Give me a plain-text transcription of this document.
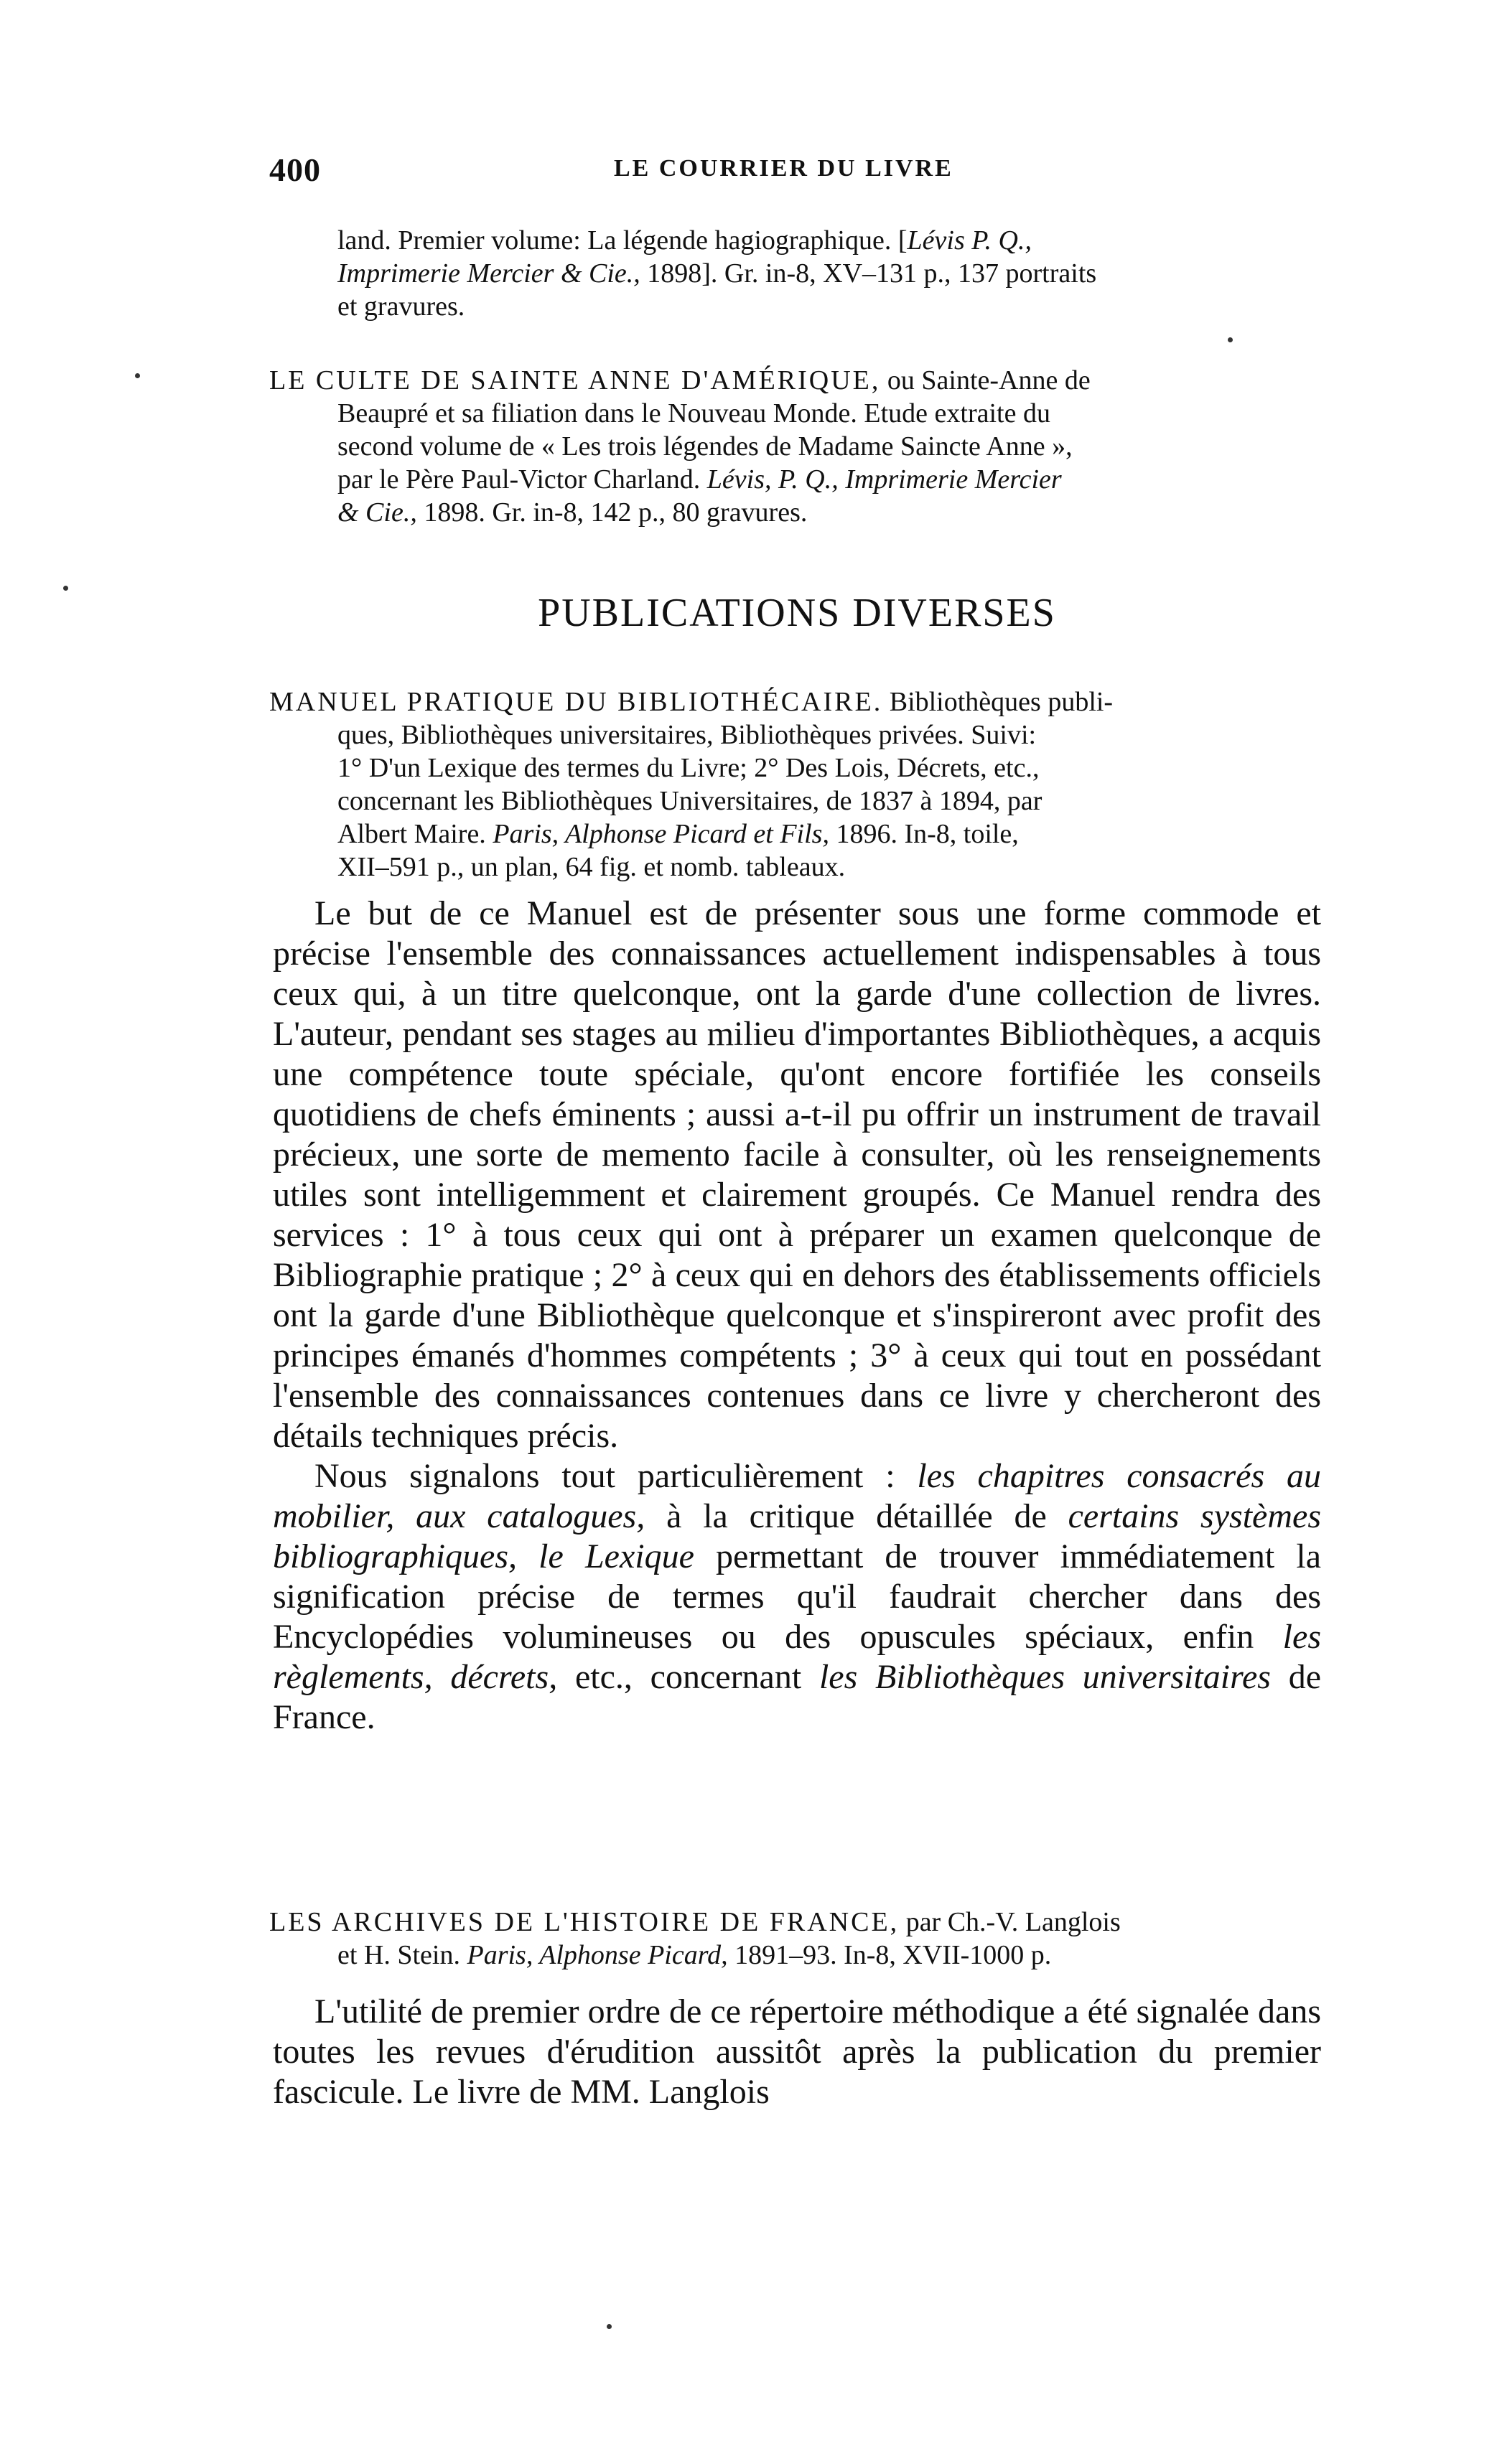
400	LE COURRIER DU LIVRE
land. Premier volume: La légende hagiographique. [Lévis P. Q.,
Imprimerie Mercier & Cie., 1898]. Gr. in-8, XV–131 p., 137 portraits
et gravures.
LE CULTE DE SAINTE ANNE D'AMÉRIQUE, ou Sainte-Anne de
Beaupré et sa filiation dans le Nouveau Monde. Etude extraite du
second volume de « Les trois légendes de Madame Saincte Anne »,
par le Père Paul-Victor Charland. Lévis, P. Q., Imprimerie Mercier
& Cie., 1898. Gr. in-8, 142 p., 80 gravures.
PUBLICATIONS DIVERSES
MANUEL PRATIQUE DU BIBLIOTHÉCAIRE. Bibliothèques publi-
ques, Bibliothèques universitaires, Bibliothèques privées. Suivi:
1° D'un Lexique des termes du Livre; 2° Des Lois, Décrets, etc.,
concernant les Bibliothèques Universitaires, de 1837 à 1894, par
Albert Maire. Paris, Alphonse Picard et Fils, 1896. In-8, toile,
XII–591 p., un plan, 64 fig. et nomb. tableaux.

Le but de ce Manuel est de présenter sous une forme commode et précise l'ensemble des connaissances actuellement indispensables à tous ceux qui, à un titre quelconque, ont la garde d'une collection de livres. L'auteur, pendant ses stages au milieu d'importantes Bibliothèques, a acquis une compétence toute spéciale, qu'ont encore fortifiée les conseils quotidiens de chefs éminents ; aussi a-t-il pu offrir un instrument de travail précieux, une sorte de memento facile à consulter, où les renseignements utiles sont intelligemment et clairement groupés. Ce Manuel rendra des services : 1° à tous ceux qui ont à préparer un examen quelconque de Bibliographie pratique ; 2° à ceux qui en dehors des établissements officiels ont la garde d'une Bibliothèque quelconque et s'inspireront avec profit des principes émanés d'hommes compétents ; 3° à ceux qui tout en possédant l'ensemble des connaissances contenues dans ce livre y chercheront des détails techniques précis.

Nous signalons tout particulièrement : les chapitres consacrés au mobilier, aux catalogues, à la critique détaillée de certains systèmes bibliographiques, le Lexique permettant de trouver immédiatement la signification précise de termes qu'il faudrait chercher dans des Encyclopédies volumineuses ou des opuscules spéciaux, enfin les règlements, décrets, etc., concernant les Bibliothèques universitaires de France.

LES ARCHIVES DE L'HISTOIRE DE FRANCE, par Ch.-V. Langlois
et H. Stein. Paris, Alphonse Picard, 1891–93. In-8, XVII-1000 p.

L'utilité de premier ordre de ce répertoire méthodique a été signalée dans toutes les revues d'érudition aussitôt après la publication du premier fascicule. Le livre de MM. Langlois
